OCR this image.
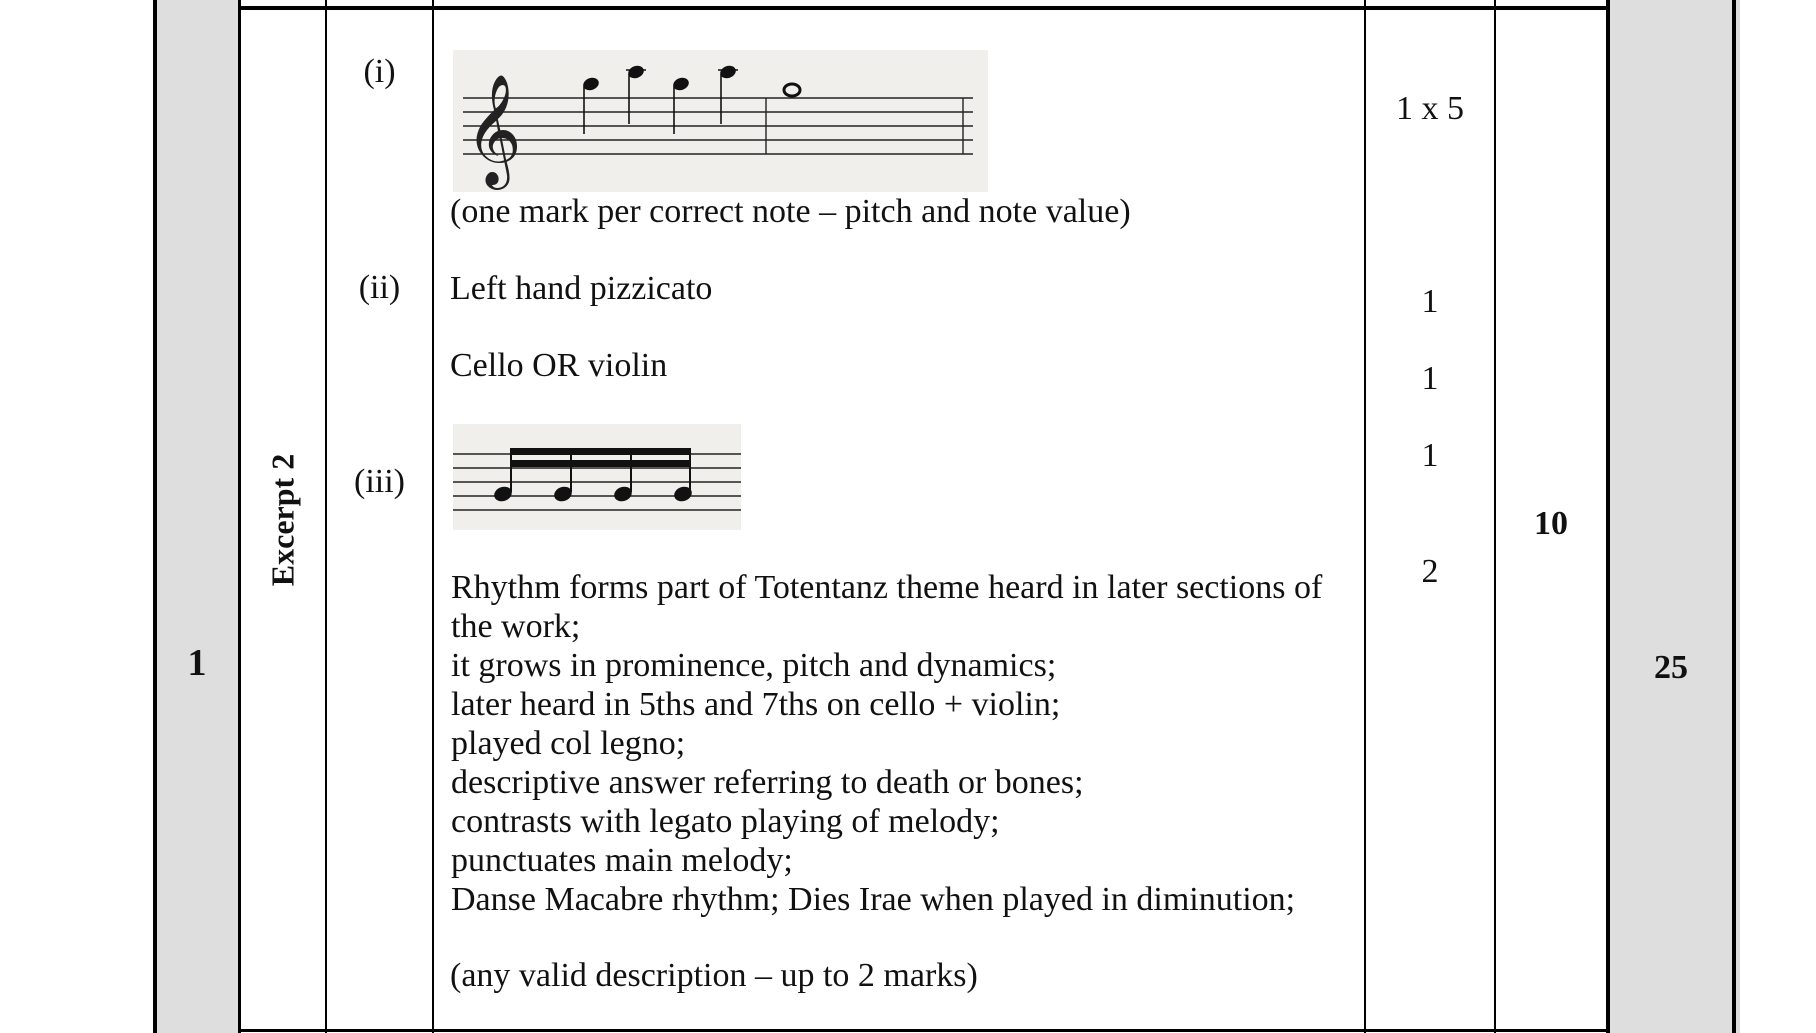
1
Excerpt 2
(i)
(ii)
(iii)
𝄞
(one mark per correct note – pitch and note value)
1 x 5
Left hand pizzicato	1
Cello OR violin	1
1
2
Rhythm forms part of Totentanz theme heard in later sections of the work;
it grows in prominence, pitch and dynamics;
later heard in 5ths and 7ths on cello + violin;
played col legno;
descriptive answer referring to death or bones;
contrasts with legato playing of melody;
punctuates main melody;
Danse Macabre rhythm; Dies Irae when played in diminution;
(any valid description – up to 2 marks)
10
25
